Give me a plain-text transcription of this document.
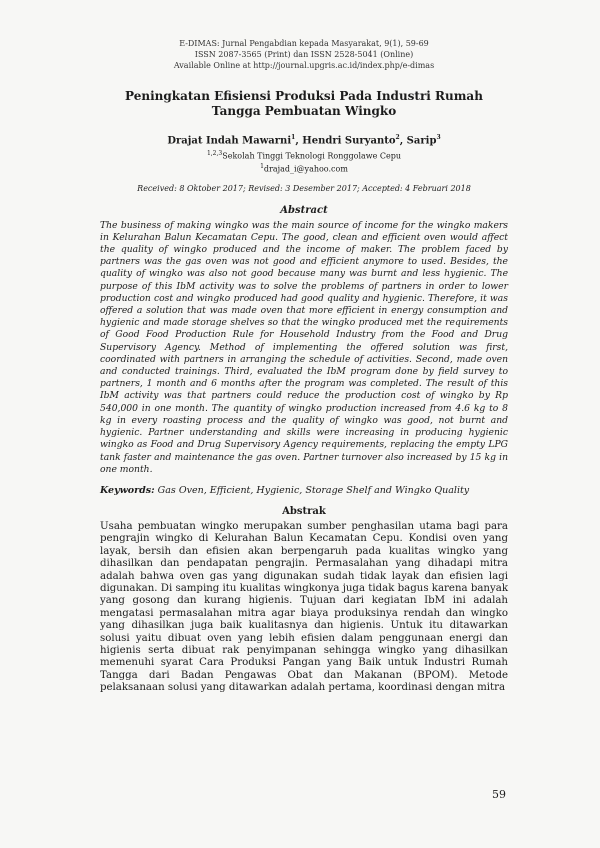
E-DIMAS: Jurnal Pengabdian kepada Masyarakat, 9(1), 59-69
ISSN 2087-3565 (Print) dan ISSN 2528-5041 (Online)
Available Online at http://journal.upgris.ac.id/index.php/e-dimas
Peningkatan Efisiensi Produksi Pada Industri Rumah Tangga Pembuatan Wingko
Drajat Indah Mawarni$^1$, Hendri Suryanto$^2$, Sarip$^3$
$^{1,2,3}$Sekolah Tinggi Teknologi Ronggolawe Cepu
$^1$drajad_i@yahoo.com
Received: 8 Oktober 2017; Revised: 3 Desember 2017; Accepted: 4 Februari 2018
Abstract
The business of making wingko was the main source of income for the wingko makers in Kelurahan Balun Kecamatan Cepu. The good, clean and efficient oven would affect the quality of wingko produced and the income of maker. The problem faced by partners was the gas oven was not good and efficient anymore to used. Besides, the quality of wingko was also not good because many was burnt and less hygienic. The purpose of this IbM activity was to solve the problems of partners in order to lower production cost and wingko produced had good quality and hygienic. Therefore, it was offered a solution that was made oven that more efficient in energy consumption and hygienic and made storage shelves so that the wingko produced met the requirements of Good Food Production Rule for Household Industry from the Food and Drug Supervisory Agency. Method of implementing the offered solution was first, coordinated with partners in arranging the schedule of activities. Second, made oven and conducted trainings. Third, evaluated the IbM program done by field survey to partners, 1 month and 6 months after the program was completed. The result of this IbM activity was that partners could reduce the production cost of wingko by Rp 540,000 in one month. The quantity of wingko production increased from 4.6 kg to 8 kg in every roasting process and the quality of wingko was good, not burnt and hygienic. Partner understanding and skills were increasing in producing hygienic wingko as Food and Drug Supervisory Agency requirements, replacing the empty LPG tank faster and maintenance the gas oven. Partner turnover also increased by 15 kg in one month.
Keywords: Gas Oven, Efficient, Hygienic, Storage Shelf and Wingko Quality
Abstrak
Usaha pembuatan wingko merupakan sumber penghasilan utama bagi para pengrajin wingko di Kelurahan Balun Kecamatan Cepu. Kondisi oven yang layak, bersih dan efisien akan berpengaruh pada kualitas wingko yang dihasilkan dan pendapatan pengrajin. Permasalahan yang dihadapi mitra adalah bahwa oven gas yang digunakan sudah tidak layak dan efisien lagi digunakan. Di samping itu kualitas wingkonya juga tidak bagus karena banyak yang gosong dan kurang higienis. Tujuan dari kegiatan IbM ini adalah mengatasi permasalahan mitra agar biaya produksinya rendah dan wingko yang dihasilkan juga baik kualitasnya dan higienis. Untuk itu ditawarkan solusi yaitu dibuat oven yang lebih efisien dalam penggunaan energi dan higienis serta dibuat rak penyimpanan sehingga wingko yang dihasilkan memenuhi syarat Cara Produksi Pangan yang Baik untuk Industri Rumah Tangga dari Badan Pengawas Obat dan Makanan (BPOM). Metode pelaksanaan solusi yang ditawarkan adalah pertama, koordinasi dengan mitra
59
